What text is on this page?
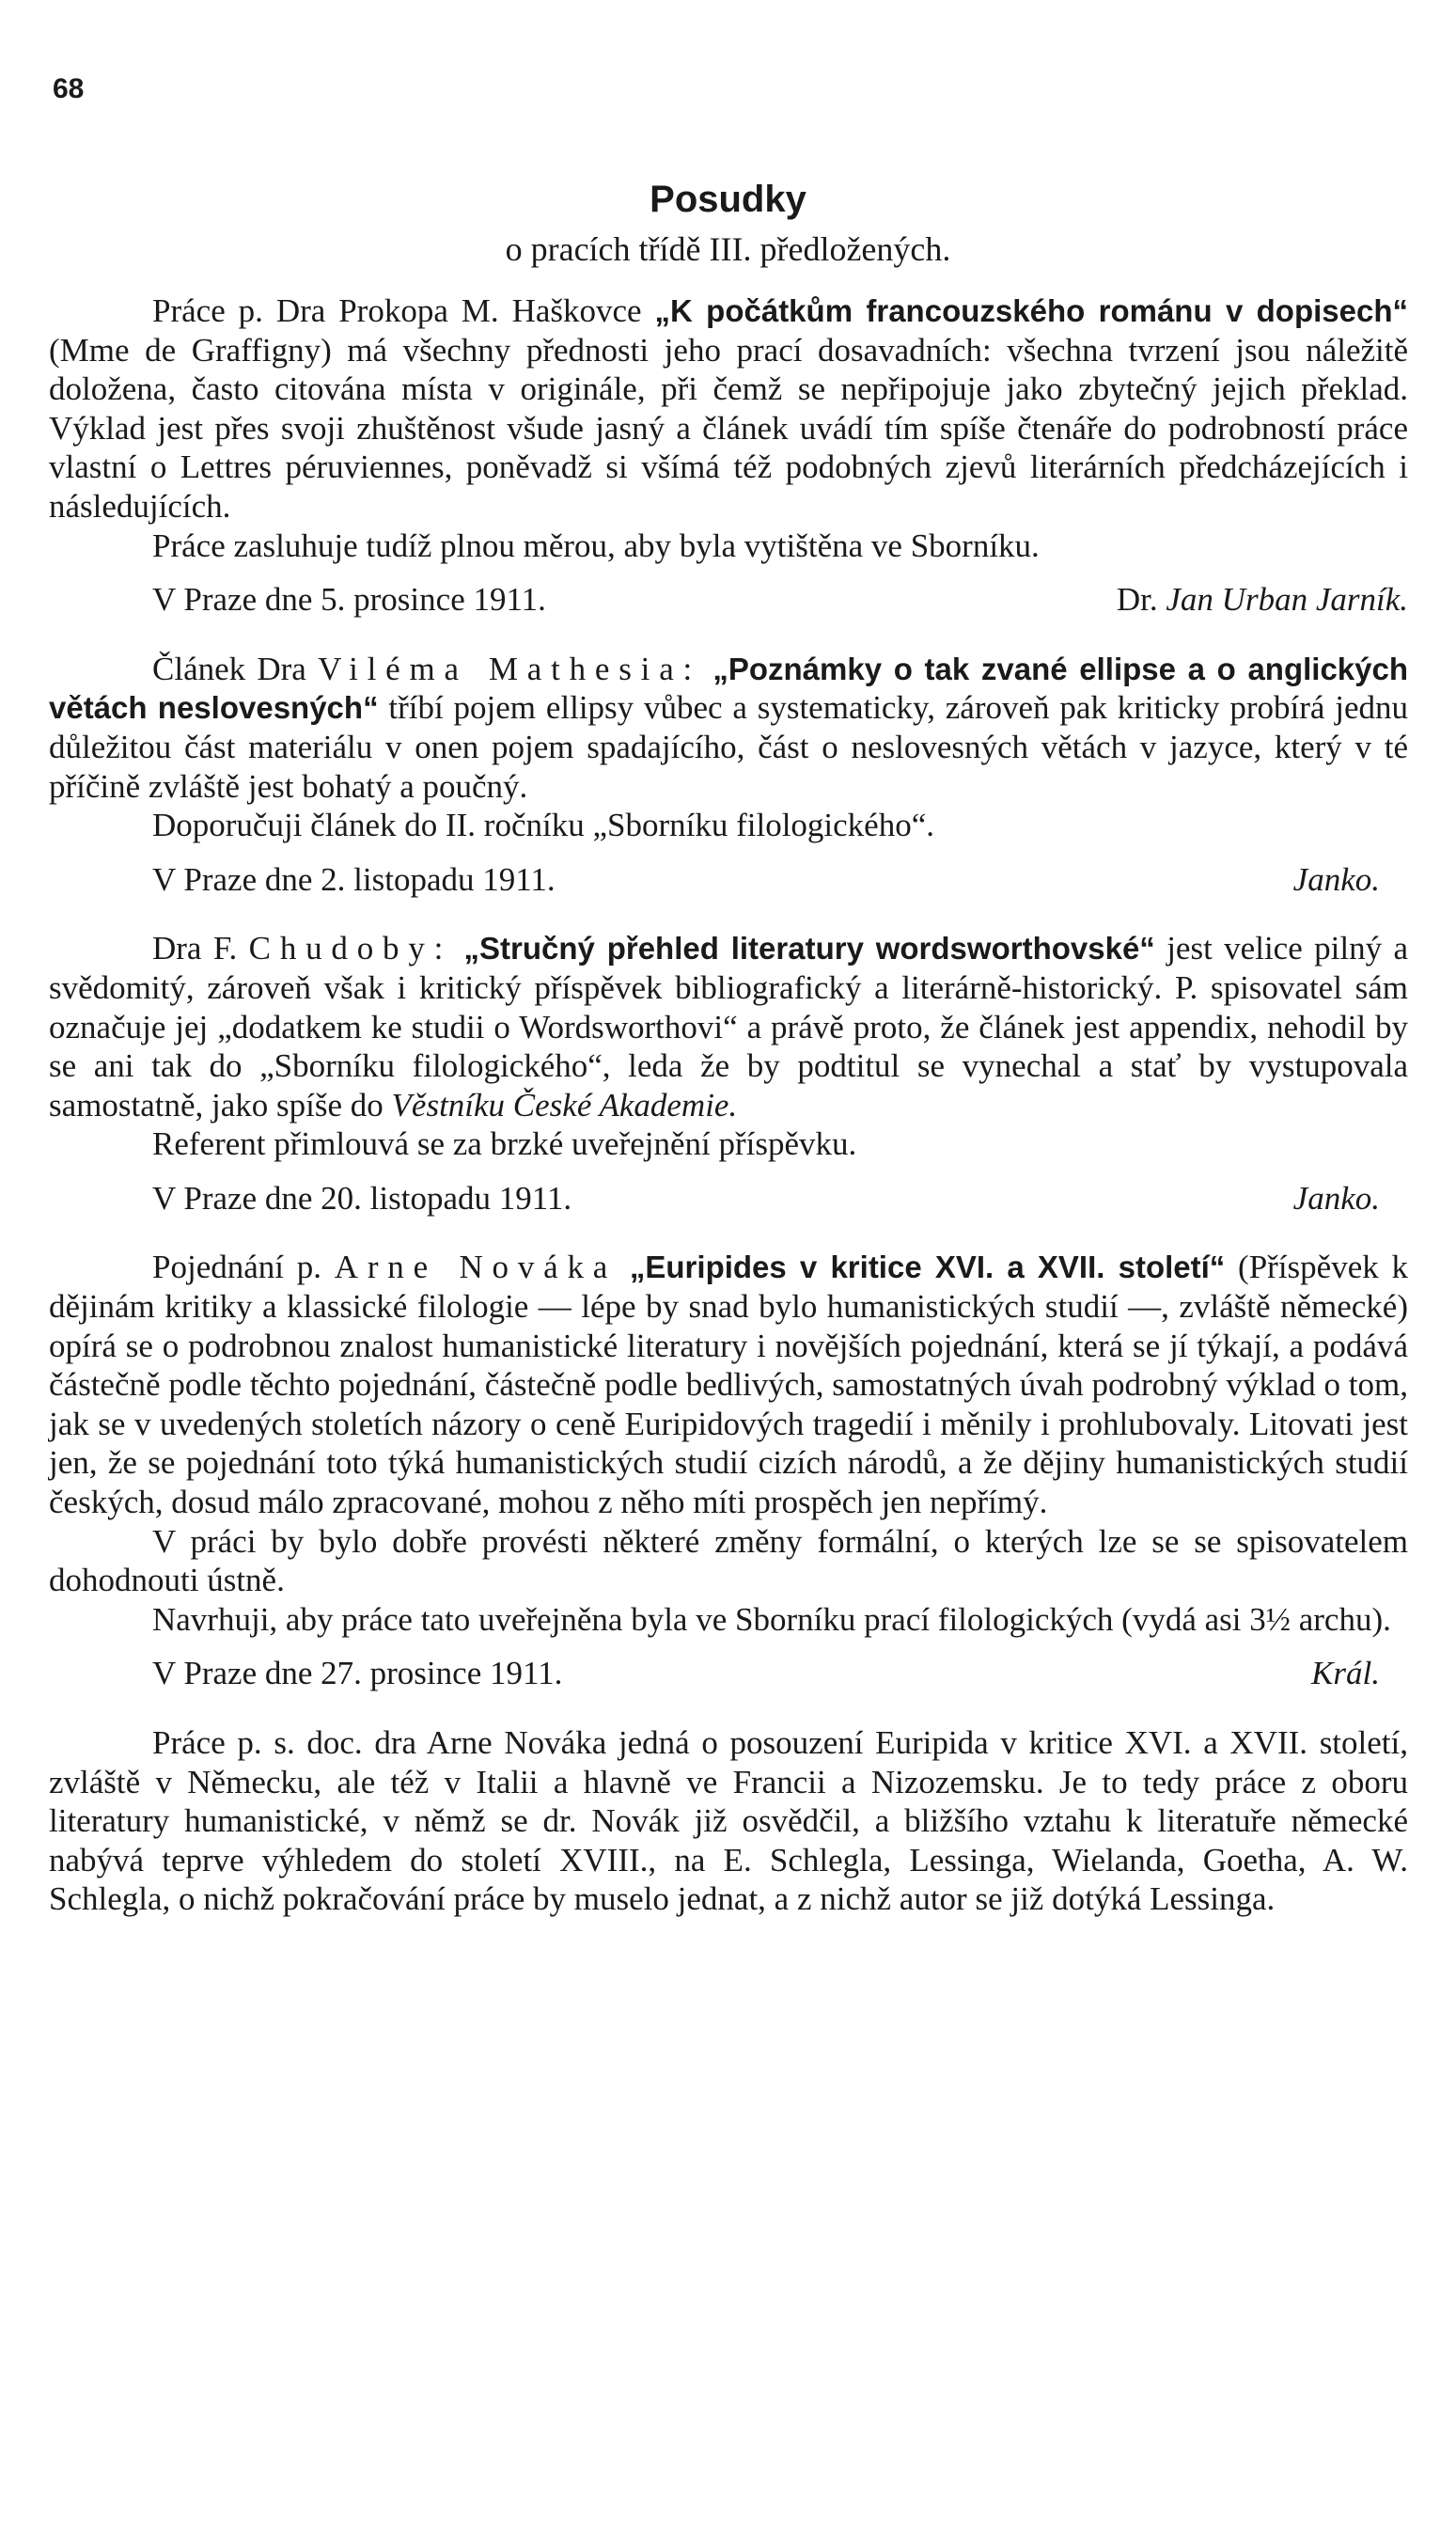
68
Posudky
o pracích třídě III. předložených.

Práce p. Dra Prokopa M. Haškovce „K počátkům francouzského románu v dopisech“ (Mme de Graffigny) má všechny přednosti jeho prací dosavadních: všechna tvrzení jsou náležitě doložena, často citována místa v originále, při čemž se nepřipojuje jako zbytečný jejich překlad. Výklad jest přes svoji zhuštěnost všude jasný a článek uvádí tím spíše čtenáře do podrobností práce vlastní o Lettres péruviennes, poněvadž si všímá též podobných zjevů literárních předcházejících i následujících.

Práce zasluhuje tudíž plnou měrou, aby byla vytištěna ve Sborníku.

V Praze dne 5. prosince 1911.	Dr. Jan Urban Jarník.

Článek Dra Viléma Mathesia: „Poznámky o tak zvané ellipse a o anglických větách neslovesných“ tříbí pojem ellipsy vůbec a systematicky, zároveň pak kriticky probírá jednu důležitou část materiálu v onen pojem spadajícího, část o neslovesných větách v jazyce, který v té příčině zvláště jest bohatý a poučný.

Doporučuji článek do II. ročníku „Sborníku filologického“.

V Praze dne 2. listopadu 1911.	Janko.

Dra F. Chudoby: „Stručný přehled literatury wordsworthovské“ jest velice pilný a svědomitý, zároveň však i kritický příspěvek bibliografický a literárně-historický. P. spisovatel sám označuje jej „dodatkem ke studii o Wordsworthovi“ a právě proto, že článek jest appendix, nehodil by se ani tak do „Sborníku filologického“, leda že by podtitul se vynechal a stať by vystupovala samostatně, jako spíše do Věstníku České Akademie.

Referent přimlouvá se za brzké uveřejnění příspěvku.

V Praze dne 20. listopadu 1911.	Janko.

Pojednání p. Arne Nováka „Euripides v kritice XVI. a XVII. století“ (Příspěvek k dějinám kritiky a klassické filologie — lépe by snad bylo humanistických studií —, zvláště německé) opírá se o podrobnou znalost humanistické literatury i novějších pojednání, která se jí týkají, a podává částečně podle těchto pojednání, částečně podle bedlivých, samostatných úvah podrobný výklad o tom, jak se v uvedených stoletích názory o ceně Euripidových tragedií i měnily i prohlubovaly. Litovati jest jen, že se pojednání toto týká humanistických studií cizích národů, a že dějiny humanistických studií českých, dosud málo zpracované, mohou z něho míti prospěch jen nepřímý.

V práci by bylo dobře provésti některé změny formální, o kterých lze se se spisovatelem dohodnouti ústně.

Navrhuji, aby práce tato uveřejněna byla ve Sborníku prací filologických (vydá asi 3½ archu).

V Praze dne 27. prosince 1911.	Král.

Práce p. s. doc. dra Arne Nováka jedná o posouzení Euripida v kritice XVI. a XVII. století, zvláště v Německu, ale též v Italii a hlavně ve Francii a Nizozemsku. Je to tedy práce z oboru literatury humanistické, v němž se dr. Novák již osvědčil, a bližšího vztahu k literatuře německé nabývá teprve výhledem do století XVIII., na E. Schlegla, Lessinga, Wielanda, Goetha, A. W. Schlegla, o nichž pokračování práce by muselo jednat, a z nichž autor se již dotýká Lessinga.
